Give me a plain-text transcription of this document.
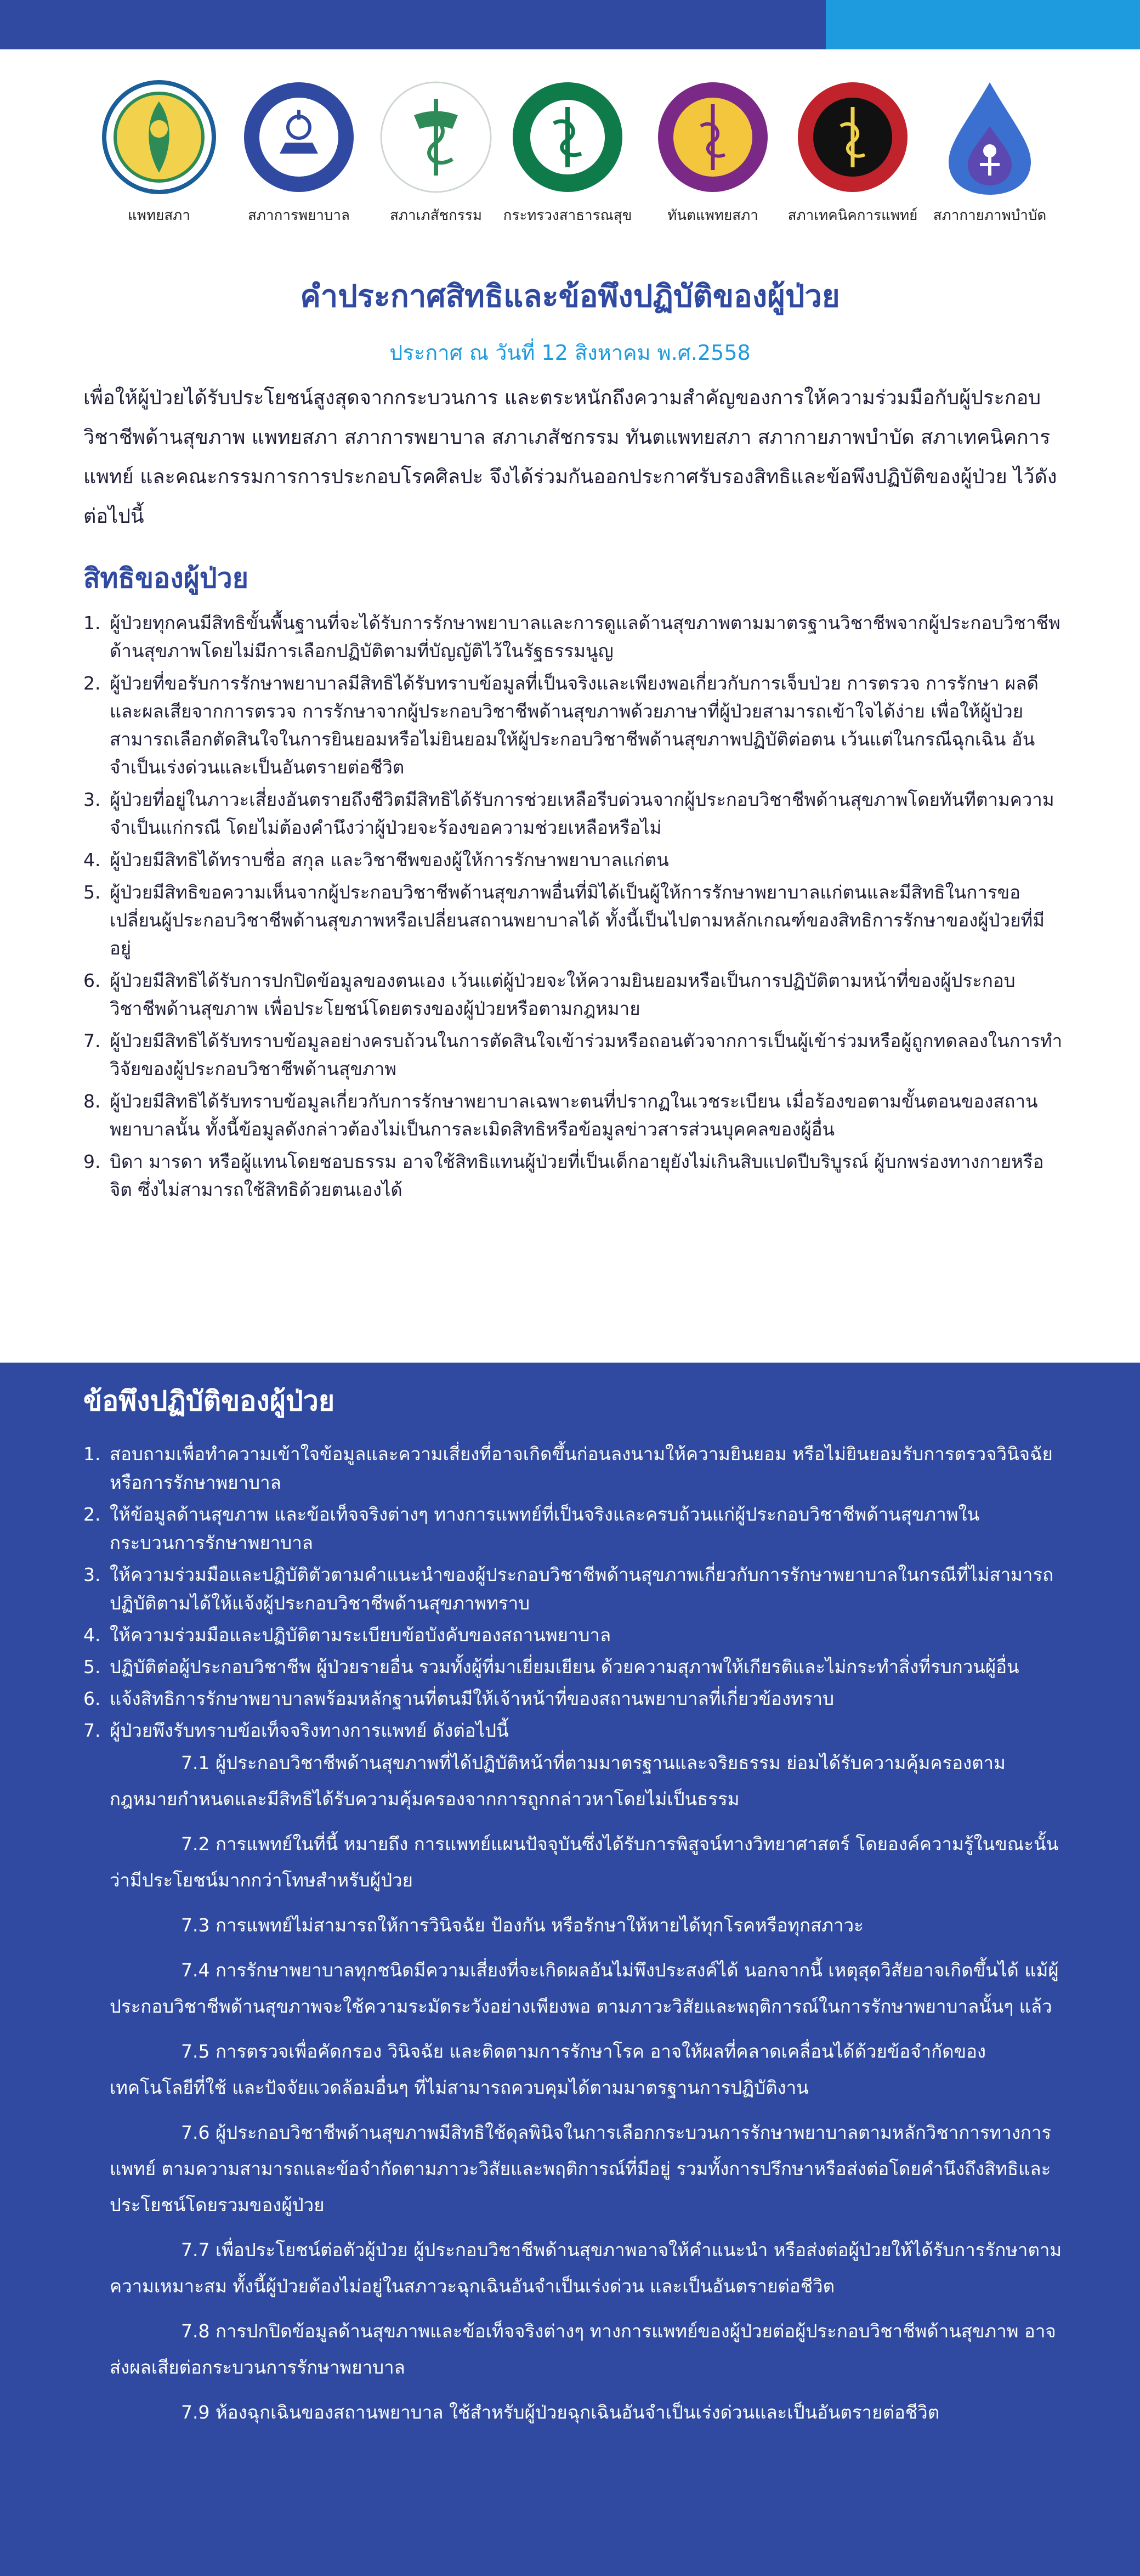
แพทยสภา	สภาการพยาบาล	สภาเภสัชกรรม	กระทรวงสาธารณสุข	ทันตแพทยสภา	สภาเทคนิคการแพทย์	สภากายภาพบำบัด
คำประกาศสิทธิและข้อพึงปฏิบัติของผู้ป่วย
ประกาศ ณ วันที่ 12 สิงหาคม พ.ศ.2558
เพื่อให้ผู้ป่วยได้รับประโยชน์สูงสุดจากกระบวนการ และตระหนักถึงความสำคัญของการให้ความร่วมมือกับผู้ประกอบวิชาชีพด้านสุขภาพ แพทยสภา สภาการพยาบาล สภาเภสัชกรรม ทันตแพทยสภา สภากายภาพบำบัด สภาเทคนิคการแพทย์ และคณะกรรมการการประกอบโรคศิลปะ จึงได้ร่วมกันออกประกาศรับรองสิทธิและข้อพึงปฏิบัติของผู้ป่วย ไว้ดังต่อไปนี้
สิทธิของผู้ป่วย
1. ผู้ป่วยทุกคนมีสิทธิขั้นพื้นฐานที่จะได้รับการรักษาพยาบาลและการดูแลด้านสุขภาพตามมาตรฐานวิชาชีพจากผู้ประกอบวิชาชีพด้านสุขภาพโดยไม่มีการเลือกปฏิบัติตามที่บัญญัติไว้ในรัฐธรรมนูญ
2. ผู้ป่วยที่ขอรับการรักษาพยาบาลมีสิทธิได้รับทราบข้อมูลที่เป็นจริงและเพียงพอเกี่ยวกับการเจ็บป่วย การตรวจ การรักษา ผลดีและผลเสียจากการตรวจ การรักษาจากผู้ประกอบวิชาชีพด้านสุขภาพด้วยภาษาที่ผู้ป่วยสามารถเข้าใจได้ง่าย เพื่อให้ผู้ป่วยสามารถเลือกตัดสินใจในการยินยอมหรือไม่ยินยอมให้ผู้ประกอบวิชาชีพด้านสุขภาพปฏิบัติต่อตน เว้นแต่ในกรณีฉุกเฉิน อันจำเป็นเร่งด่วนและเป็นอันตรายต่อชีวิต
3. ผู้ป่วยที่อยู่ในภาวะเสี่ยงอันตรายถึงชีวิตมีสิทธิได้รับการช่วยเหลือรีบด่วนจากผู้ประกอบวิชาชีพด้านสุขภาพโดยทันทีตามความจำเป็นแก่กรณี โดยไม่ต้องคำนึงว่าผู้ป่วยจะร้องขอความช่วยเหลือหรือไม่
4. ผู้ป่วยมีสิทธิได้ทราบชื่อ สกุล และวิชาชีพของผู้ให้การรักษาพยาบาลแก่ตน
5. ผู้ป่วยมีสิทธิขอความเห็นจากผู้ประกอบวิชาชีพด้านสุขภาพอื่นที่มิได้เป็นผู้ให้การรักษาพยาบาลแก่ตนและมีสิทธิในการขอเปลี่ยนผู้ประกอบวิชาชีพด้านสุขภาพหรือเปลี่ยนสถานพยาบาลได้ ทั้งนี้เป็นไปตามหลักเกณฑ์ของสิทธิการรักษาของผู้ป่วยที่มีอยู่
6. ผู้ป่วยมีสิทธิได้รับการปกปิดข้อมูลของตนเอง เว้นแต่ผู้ป่วยจะให้ความยินยอมหรือเป็นการปฏิบัติตามหน้าที่ของผู้ประกอบวิชาชีพด้านสุขภาพ เพื่อประโยชน์โดยตรงของผู้ป่วยหรือตามกฎหมาย
7. ผู้ป่วยมีสิทธิได้รับทราบข้อมูลอย่างครบถ้วนในการตัดสินใจเข้าร่วมหรือถอนตัวจากการเป็นผู้เข้าร่วมหรือผู้ถูกทดลองในการทำวิจัยของผู้ประกอบวิชาชีพด้านสุขภาพ
8. ผู้ป่วยมีสิทธิได้รับทราบข้อมูลเกี่ยวกับการรักษาพยาบาลเฉพาะตนที่ปรากฏในเวชระเบียน เมื่อร้องขอตามขั้นตอนของสถานพยาบาลนั้น ทั้งนี้ข้อมูลดังกล่าวต้องไม่เป็นการละเมิดสิทธิหรือข้อมูลข่าวสารส่วนบุคคลของผู้อื่น
9. บิดา มารดา หรือผู้แทนโดยชอบธรรม อาจใช้สิทธิแทนผู้ป่วยที่เป็นเด็กอายุยังไม่เกินสิบแปดปีบริบูรณ์ ผู้บกพร่องทางกายหรือจิต ซึ่งไม่สามารถใช้สิทธิด้วยตนเองได้
ข้อพึงปฏิบัติของผู้ป่วย
1. สอบถามเพื่อทำความเข้าใจข้อมูลและความเสี่ยงที่อาจเกิดขึ้นก่อนลงนามให้ความยินยอม หรือไม่ยินยอมรับการตรวจวินิจฉัยหรือการรักษาพยาบาล
2. ให้ข้อมูลด้านสุขภาพ และข้อเท็จจริงต่างๆ ทางการแพทย์ที่เป็นจริงและครบถ้วนแก่ผู้ประกอบวิชาชีพด้านสุขภาพในกระบวนการรักษาพยาบาล
3. ให้ความร่วมมือและปฏิบัติตัวตามคำแนะนำของผู้ประกอบวิชาชีพด้านสุขภาพเกี่ยวกับการรักษาพยาบาลในกรณีที่ไม่สามารถปฏิบัติตามได้ให้แจ้งผู้ประกอบวิชาชีพด้านสุขภาพทราบ
4. ให้ความร่วมมือและปฏิบัติตามระเบียบข้อบังคับของสถานพยาบาล
5. ปฏิบัติต่อผู้ประกอบวิชาชีพ ผู้ป่วยรายอื่น รวมทั้งผู้ที่มาเยี่ยมเยียน ด้วยความสุภาพให้เกียรติและไม่กระทำสิ่งที่รบกวนผู้อื่น
6. แจ้งสิทธิการรักษาพยาบาลพร้อมหลักฐานที่ตนมีให้เจ้าหน้าที่ของสถานพยาบาลที่เกี่ยวข้องทราบ
7. ผู้ป่วยพึงรับทราบข้อเท็จจริงทางการแพทย์ ดังต่อไปนี้
7.1 ผู้ประกอบวิชาชีพด้านสุขภาพที่ได้ปฏิบัติหน้าที่ตามมาตรฐานและจริยธรรม ย่อมได้รับความคุ้มครองตามกฎหมายกำหนดและมีสิทธิได้รับความคุ้มครองจากการถูกกล่าวหาโดยไม่เป็นธรรม
7.2 การแพทย์ในที่นี้ หมายถึง การแพทย์แผนปัจจุบันซึ่งได้รับการพิสูจน์ทางวิทยาศาสตร์ โดยองค์ความรู้ในขณะนั้นว่ามีประโยชน์มากกว่าโทษสำหรับผู้ป่วย
7.3 การแพทย์ไม่สามารถให้การวินิจฉัย ป้องกัน หรือรักษาให้หายได้ทุกโรคหรือทุกสภาวะ
7.4 การรักษาพยาบาลทุกชนิดมีความเสี่ยงที่จะเกิดผลอันไม่พึงประสงค์ได้ นอกจากนี้ เหตุสุดวิสัยอาจเกิดขึ้นได้ แม้ผู้ประกอบวิชาชีพด้านสุขภาพจะใช้ความระมัดระวังอย่างเพียงพอ ตามภาวะวิสัยและพฤติการณ์ในการรักษาพยาบาลนั้นๆ แล้ว
7.5 การตรวจเพื่อคัดกรอง วินิจฉัย และติดตามการรักษาโรค อาจให้ผลที่คลาดเคลื่อนได้ด้วยข้อจำกัดของเทคโนโลยีที่ใช้ และปัจจัยแวดล้อมอื่นๆ ที่ไม่สามารถควบคุมได้ตามมาตรฐานการปฏิบัติงาน
7.6 ผู้ประกอบวิชาชีพด้านสุขภาพมีสิทธิใช้ดุลพินิจในการเลือกกระบวนการรักษาพยาบาลตามหลักวิชาการทางการแพทย์ ตามความสามารถและข้อจำกัดตามภาวะวิสัยและพฤติการณ์ที่มีอยู่ รวมทั้งการปรึกษาหรือส่งต่อโดยคำนึงถึงสิทธิและประโยชน์โดยรวมของผู้ป่วย
7.7 เพื่อประโยชน์ต่อตัวผู้ป่วย ผู้ประกอบวิชาชีพด้านสุขภาพอาจให้คำแนะนำ หรือส่งต่อผู้ป่วยให้ได้รับการรักษาตามความเหมาะสม ทั้งนี้ผู้ป่วยต้องไม่อยู่ในสภาวะฉุกเฉินอันจำเป็นเร่งด่วน และเป็นอันตรายต่อชีวิต
7.8 การปกปิดข้อมูลด้านสุขภาพและข้อเท็จจริงต่างๆ ทางการแพทย์ของผู้ป่วยต่อผู้ประกอบวิชาชีพด้านสุขภาพ อาจส่งผลเสียต่อกระบวนการรักษาพยาบาล
7.9 ห้องฉุกเฉินของสถานพยาบาล ใช้สำหรับผู้ป่วยฉุกเฉินอันจำเป็นเร่งด่วนและเป็นอันตรายต่อชีวิต
